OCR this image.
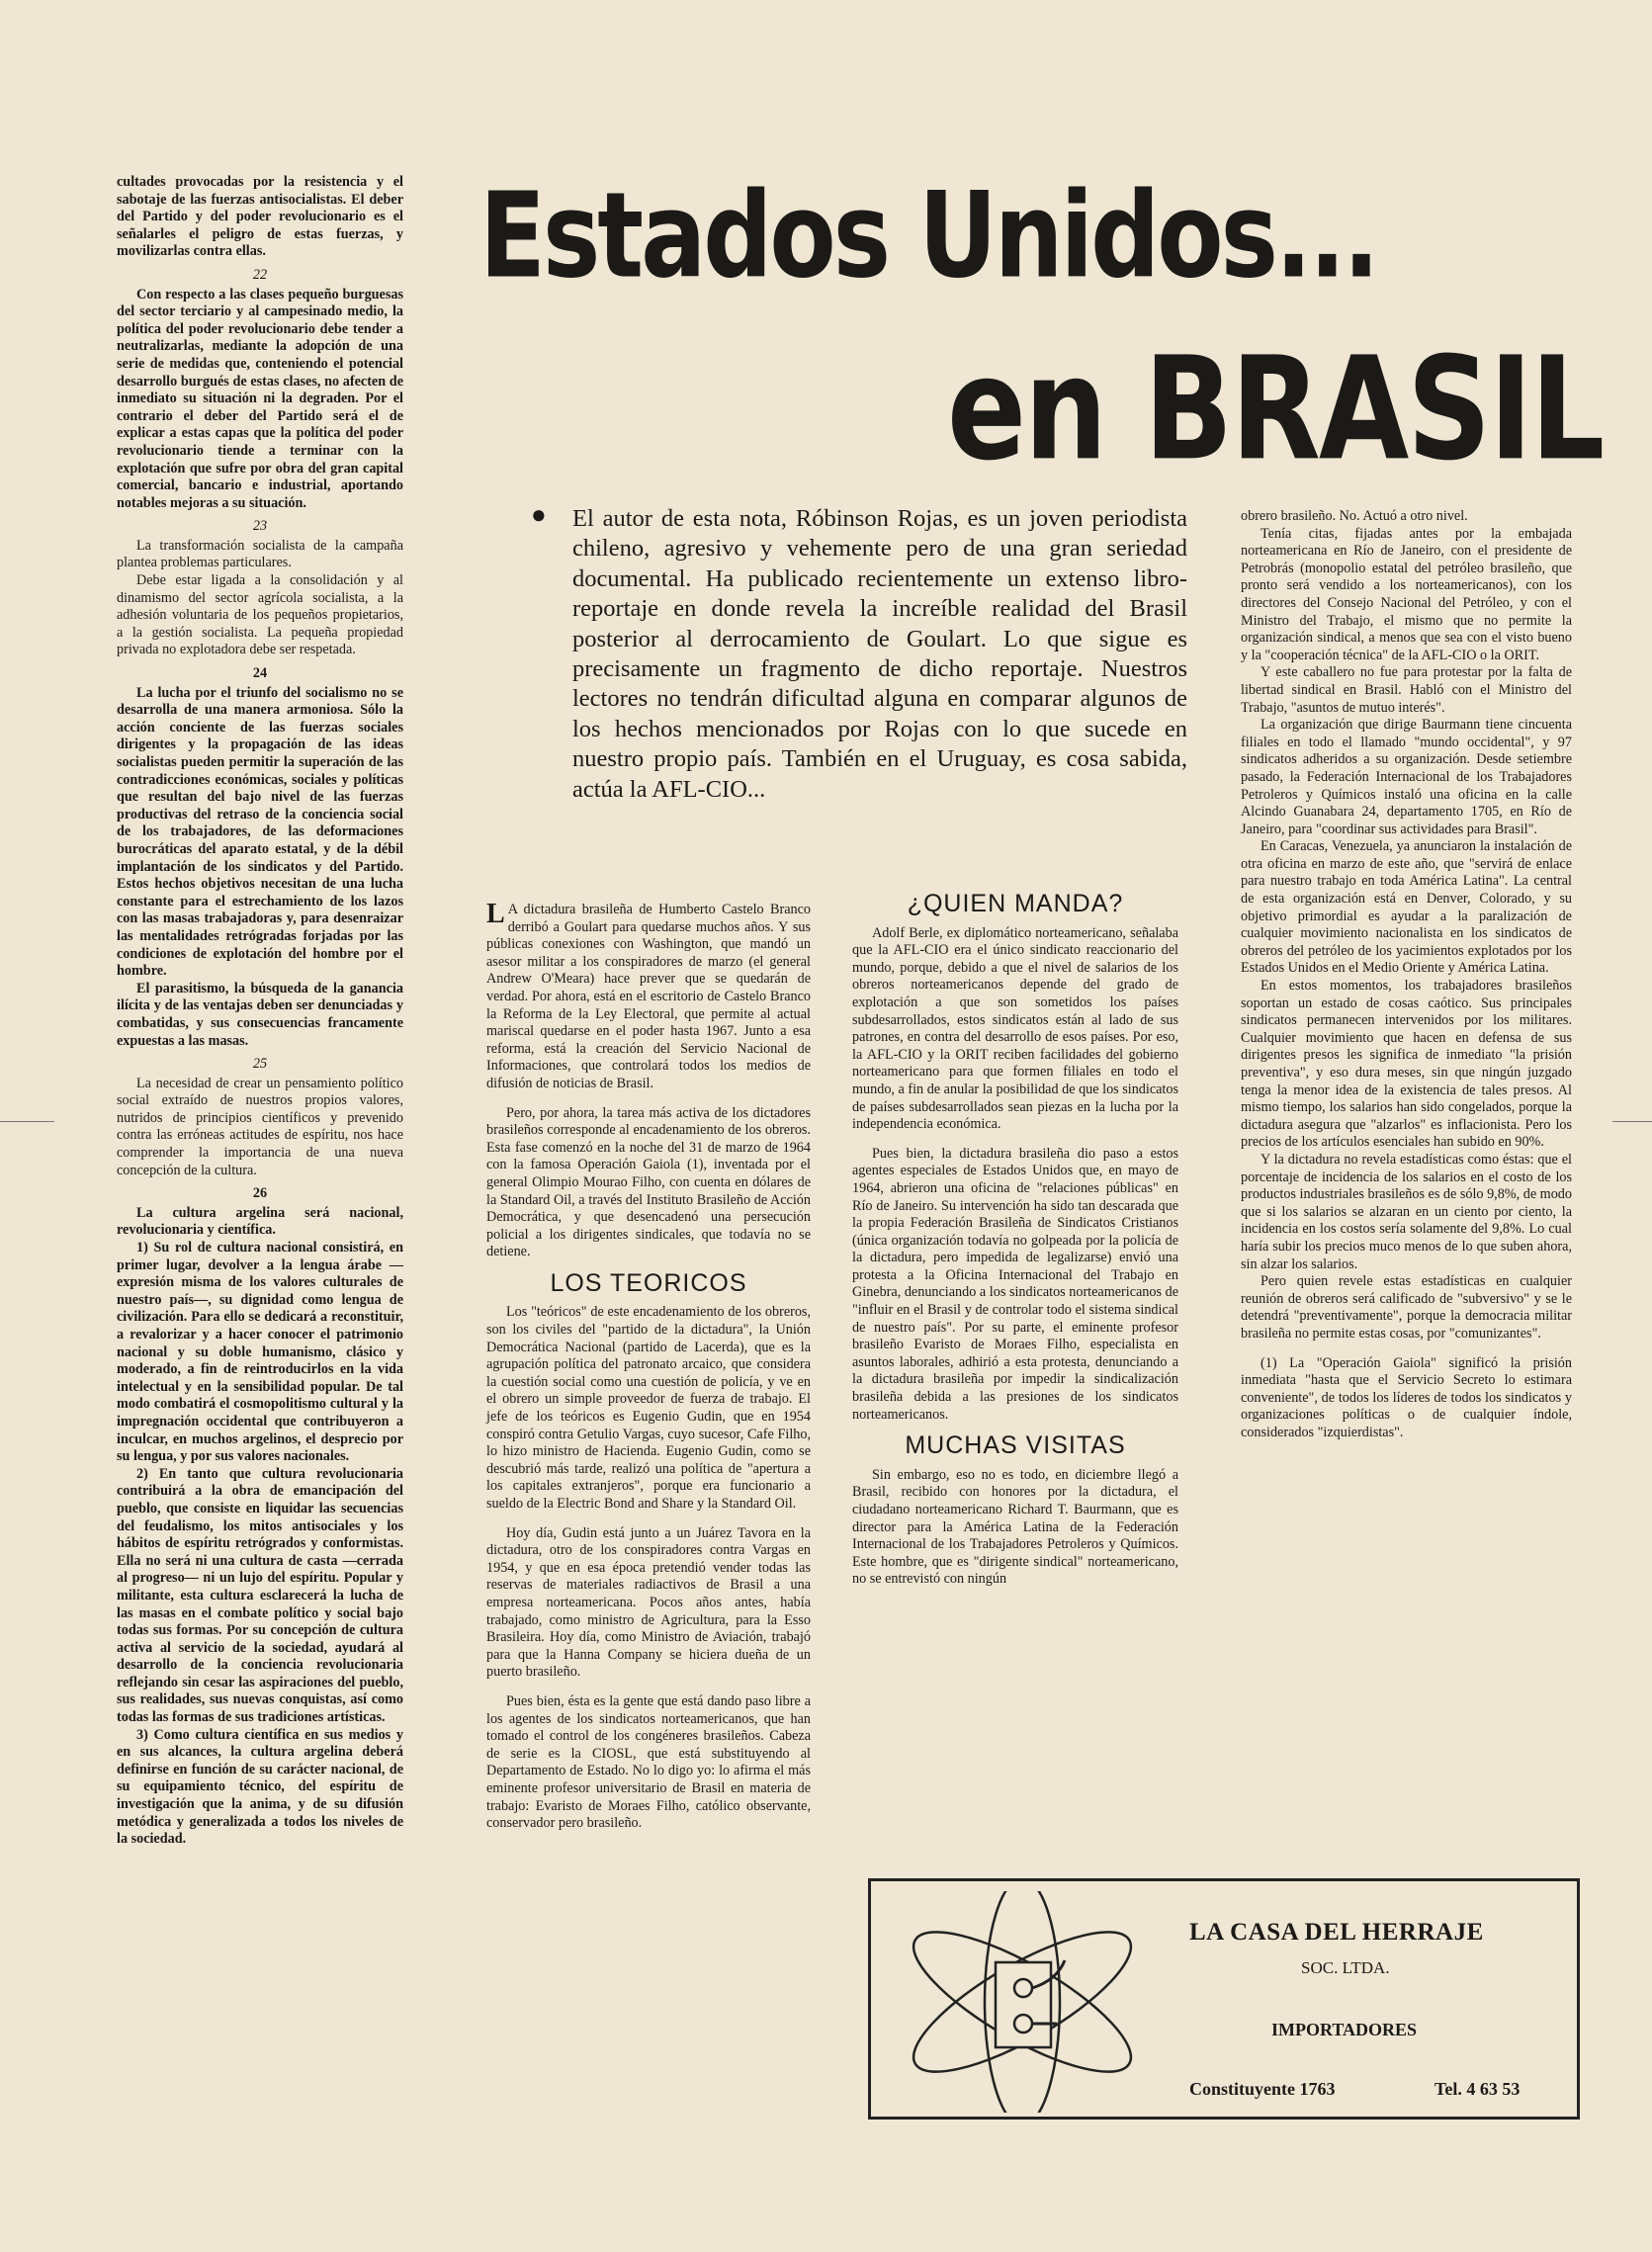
cultades provocadas por la resistencia y el sabotaje de las fuerzas antisocialistas. El deber del Partido y del poder revolucionario es el señalarles el peligro de estas fuerzas, y movilizarlas contra ellas.

22

Con respecto a las clases pequeño burguesas del sector terciario y al campesinado medio, la política del poder revolucionario debe tender a neutralizarlas, mediante la adopción de una serie de medidas que, conteniendo el potencial desarrollo burgués de estas clases, no afecten de inmediato su situación ni la degraden. Por el contrario el deber del Partido será el de explicar a estas capas que la política del poder revolucionario tiende a terminar con la explotación que sufre por obra del gran capital comercial, bancario e industrial, aportando notables mejoras a su situación.

23

La transformación socialista de la campaña plantea problemas particulares.

Debe estar ligada a la consolidación y al dinamismo del sector agrícola socialista, a la adhesión voluntaria de los pequeños propietarios, a la gestión socialista. La pequeña propiedad privada no explotadora debe ser respetada.

24

La lucha por el triunfo del socialismo no se desarrolla de una manera armoniosa. Sólo la acción conciente de las fuerzas sociales dirigentes y la propagación de las ideas socialistas pueden permitir la superación de las contradicciones económicas, sociales y políticas que resultan del bajo nivel de las fuerzas productivas del retraso de la conciencia social de los trabajadores, de las deformaciones burocráticas del aparato estatal, y de la débil implantación de los sindicatos y del Partido. Estos hechos objetivos necesitan de una lucha constante para el estrechamiento de los lazos con las masas trabajadoras y, para desenraizar las mentalidades retrógradas forjadas por las condiciones de explotación del hombre por el hombre.

El parasitismo, la búsqueda de la ganancia ilícita y de las ventajas deben ser denunciadas y combatidas, y sus consecuencias francamente expuestas a las masas.

25

La necesidad de crear un pensamiento político social extraído de nuestros propios valores, nutridos de principios científicos y prevenido contra las erróneas actitudes de espíritu, nos hace comprender la importancia de una nueva concepción de la cultura.

26

La cultura argelina será nacional, revolucionaria y científica.

1) Su rol de cultura nacional consistirá, en primer lugar, devolver a la lengua árabe —expresión misma de los valores culturales de nuestro país—, su dignidad como lengua de civilización. Para ello se dedicará a reconstituir, a revalorizar y a hacer conocer el patrimonio nacional y su doble humanismo, clásico y moderado, a fin de reintroducirlos en la vida intelectual y en la sensibilidad popular. De tal modo combatirá el cosmopolitismo cultural y la impregnación occidental que contribuyeron a inculcar, en muchos argelinos, el desprecio por su lengua, y por sus valores nacionales.

2) En tanto que cultura revolucionaria contribuirá a la obra de emancipación del pueblo, que consiste en liquidar las secuencias del feudalismo, los mitos antisociales y los hábitos de espíritu retrógrados y conformistas. Ella no será ni una cultura de casta —cerrada al progreso— ni un lujo del espíritu. Popular y militante, esta cultura esclarecerá la lucha de las masas en el combate político y social bajo todas sus formas. Por su concepción de cultura activa al servicio de la sociedad, ayudará al desarrollo de la conciencia revolucionaria reflejando sin cesar las aspiraciones del pueblo, sus realidades, sus nuevas conquistas, así como todas las formas de sus tradiciones artísticas.

3) Como cultura científica en sus medios y en sus alcances, la cultura argelina deberá definirse en función de su carácter nacional, de su equipamiento técnico, del espíritu de investigación que la anima, y de su difusión metódica y generalizada a todos los niveles de la sociedad.

Estados Unidos...
en BRASIL
● El autor de esta nota, Róbinson Rojas, es un joven periodista chileno, agresivo y vehemente pero de una gran seriedad documental. Ha publicado recientemente un extenso libro-reportaje en donde revela la increíble realidad del Brasil posterior al derrocamiento de Goulart. Lo que sigue es precisamente un fragmento de dicho reportaje. Nuestros lectores no tendrán dificultad alguna en comparar algunos de los hechos mencionados por Rojas con lo que sucede en nuestro propio país. También en el Uruguay, es cosa sabida, actúa la AFL-CIO...

L A dictadura brasileña de Humberto Castelo Branco derribó a Goulart para quedarse muchos años. Y sus públicas conexiones con Washington, que mandó un asesor militar a los conspiradores de marzo (el general Andrew O'Meara) hace prever que se quedarán de verdad. Por ahora, está en el escritorio de Castelo Branco la Reforma de la Ley Electoral, que permite al actual mariscal quedarse en el poder hasta 1967. Junto a esa reforma, está la creación del Servicio Nacional de Informaciones, que controlará todos los medios de difusión de noticias de Brasil.

Pero, por ahora, la tarea más activa de los dictadores brasileños corresponde al encadenamiento de los obreros. Esta fase comenzó en la noche del 31 de marzo de 1964 con la famosa Operación Gaiola (1), inventada por el general Olimpio Mourao Filho, con cuenta en dólares de la Standard Oil, a través del Instituto Brasileño de Acción Democrática, y que desencadenó una persecución policial a los dirigentes sindicales, que todavía no se detiene.

LOS TEORICOS

Los "teóricos" de este encadenamiento de los obreros, son los civiles del "partido de la dictadura", la Unión Democrática Nacional (partido de Lacerda), que es la agrupación política del patronato arcaico, que considera la cuestión social como una cuestión de policía, y ve en el obrero un simple proveedor de fuerza de trabajo. El jefe de los teóricos es Eugenio Gudin, que en 1954 conspiró contra Getulio Vargas, cuyo sucesor, Cafe Filho, lo hizo ministro de Hacienda. Eugenio Gudin, como se descubrió más tarde, realizó una política de "apertura a los capitales extranjeros", porque era funcionario a sueldo de la Electric Bond and Share y la Standard Oil.

Hoy día, Gudin está junto a un Juárez Tavora en la dictadura, otro de los conspiradores contra Vargas en 1954, y que en esa época pretendió vender todas las reservas de materiales radiactivos de Brasil a una empresa norteamericana. Pocos años antes, había trabajado, como ministro de Agricultura, para la Esso Brasileira. Hoy día, como Ministro de Aviación, trabajó para que la Hanna Company se hiciera dueña de un puerto brasileño.

Pues bien, ésta es la gente que está dando paso libre a los agentes de los sindicatos norteamericanos, que han tomado el control de los congéneres brasileños. Cabeza de serie es la CIOSL, que está substituyendo al Departamento de Estado. No lo digo yo: lo afirma el más eminente profesor universitario de Brasil en materia de trabajo: Evaristo de Moraes Filho, católico observante, conservador pero brasileño.

¿QUIEN MANDA?

Adolf Berle, ex diplomático norteamericano, señalaba que la AFL-CIO era el único sindicato reaccionario del mundo, porque, debido a que el nivel de salarios de los obreros norteamericanos depende del grado de explotación a que son sometidos los países subdesarrollados, estos sindicatos están al lado de sus patrones, en contra del desarrollo de esos países. Por eso, la AFL-CIO y la ORIT reciben facilidades del gobierno norteamericano para que formen filiales en todo el mundo, a fin de anular la posibilidad de que los sindicatos de países subdesarrollados sean piezas en la lucha por la independencia económica.

Pues bien, la dictadura brasileña dio paso a estos agentes especiales de Estados Unidos que, en mayo de 1964, abrieron una oficina de "relaciones públicas" en Río de Janeiro. Su intervención ha sido tan descarada que la propia Federación Brasileña de Sindicatos Cristianos (única organización todavía no golpeada por la policía de la dictadura, pero impedida de legalizarse) envió una protesta a la Oficina Internacional del Trabajo en Ginebra, denunciando a los sindicatos norteamericanos de "influir en el Brasil y de controlar todo el sistema sindical de nuestro país". Por su parte, el eminente profesor brasileño Evaristo de Moraes Filho, especialista en asuntos laborales, adhirió a esta protesta, denunciando a la dictadura brasileña por impedir la sindicalización brasileña debida a las presiones de los sindicatos norteamericanos.

MUCHAS VISITAS

Sin embargo, eso no es todo, en diciembre llegó a Brasil, recibido con honores por la dictadura, el ciudadano norteamericano Richard T. Baurmann, que es director para la América Latina de la Federación Internacional de los Trabajadores Petroleros y Químicos. Este hombre, que es "dirigente sindical" norteamericano, no se entrevistó con ningún

obrero brasileño. No. Actuó a otro nivel.

Tenía citas, fijadas antes por la embajada norteamericana en Río de Janeiro, con el presidente de Petrobrás (monopolio estatal del petróleo brasileño, que pronto será vendido a los norteamericanos), con los directores del Consejo Nacional del Petróleo, y con el Ministro del Trabajo, el mismo que no permite la organización sindical, a menos que sea con el visto bueno y la "cooperación técnica" de la AFL-CIO o la ORIT.

Y este caballero no fue para protestar por la falta de libertad sindical en Brasil. Habló con el Ministro del Trabajo, "asuntos de mutuo interés".

La organización que dirige Baurmann tiene cincuenta filiales en todo el llamado "mundo occidental", y 97 sindicatos adheridos a su organización. Desde setiembre pasado, la Federación Internacional de los Trabajadores Petroleros y Químicos instaló una oficina en la calle Alcindo Guanabara 24, departamento 1705, en Río de Janeiro, para "coordinar sus actividades para Brasil".

En Caracas, Venezuela, ya anunciaron la instalación de otra oficina en marzo de este año, que "servirá de enlace para nuestro trabajo en toda América Latina". La central de esta organización está en Denver, Colorado, y su objetivo primordial es ayudar a la paralización de cualquier movimiento nacionalista en los sindicatos de obreros del petróleo de los yacimientos explotados por los Estados Unidos en el Medio Oriente y América Latina.

En estos momentos, los trabajadores brasileños soportan un estado de cosas caótico. Sus principales sindicatos permanecen intervenidos por los militares. Cualquier movimiento que hacen en defensa de sus dirigentes presos les significa de inmediato "la prisión preventiva", y eso dura meses, sin que ningún juzgado tenga la menor idea de la existencia de tales presos. Al mismo tiempo, los salarios han sido congelados, porque la dictadura asegura que "alzarlos" es inflacionista. Pero los precios de los artículos esenciales han subido en 90%.

Y la dictadura no revela estadísticas como éstas: que el porcentaje de incidencia de los salarios en el costo de los productos industriales brasileños es de sólo 9,8%, de modo que si los salarios se alzaran en un ciento por ciento, la incidencia en los costos sería solamente del 9,8%. Lo cual haría subir los precios muco menos de lo que suben ahora, sin alzar los salarios.

Pero quien revele estas estadísticas en cualquier reunión de obreros será calificado de "subversivo" y se le detendrá "preventivamente", porque la democracia militar brasileña no permite estas cosas, por "comunizantes".

(1) La "Operación Gaiola" significó la prisión inmediata "hasta que el Servicio Secreto lo estimara conveniente", de todos los líderes de todos los sindicatos y organizaciones políticas o de cualquier índole, considerados "izquierdistas".

LA CASA DEL HERRAJE
SOC. LTDA.
IMPORTADORES
Constituyente 1763	Tel. 4 63 53
